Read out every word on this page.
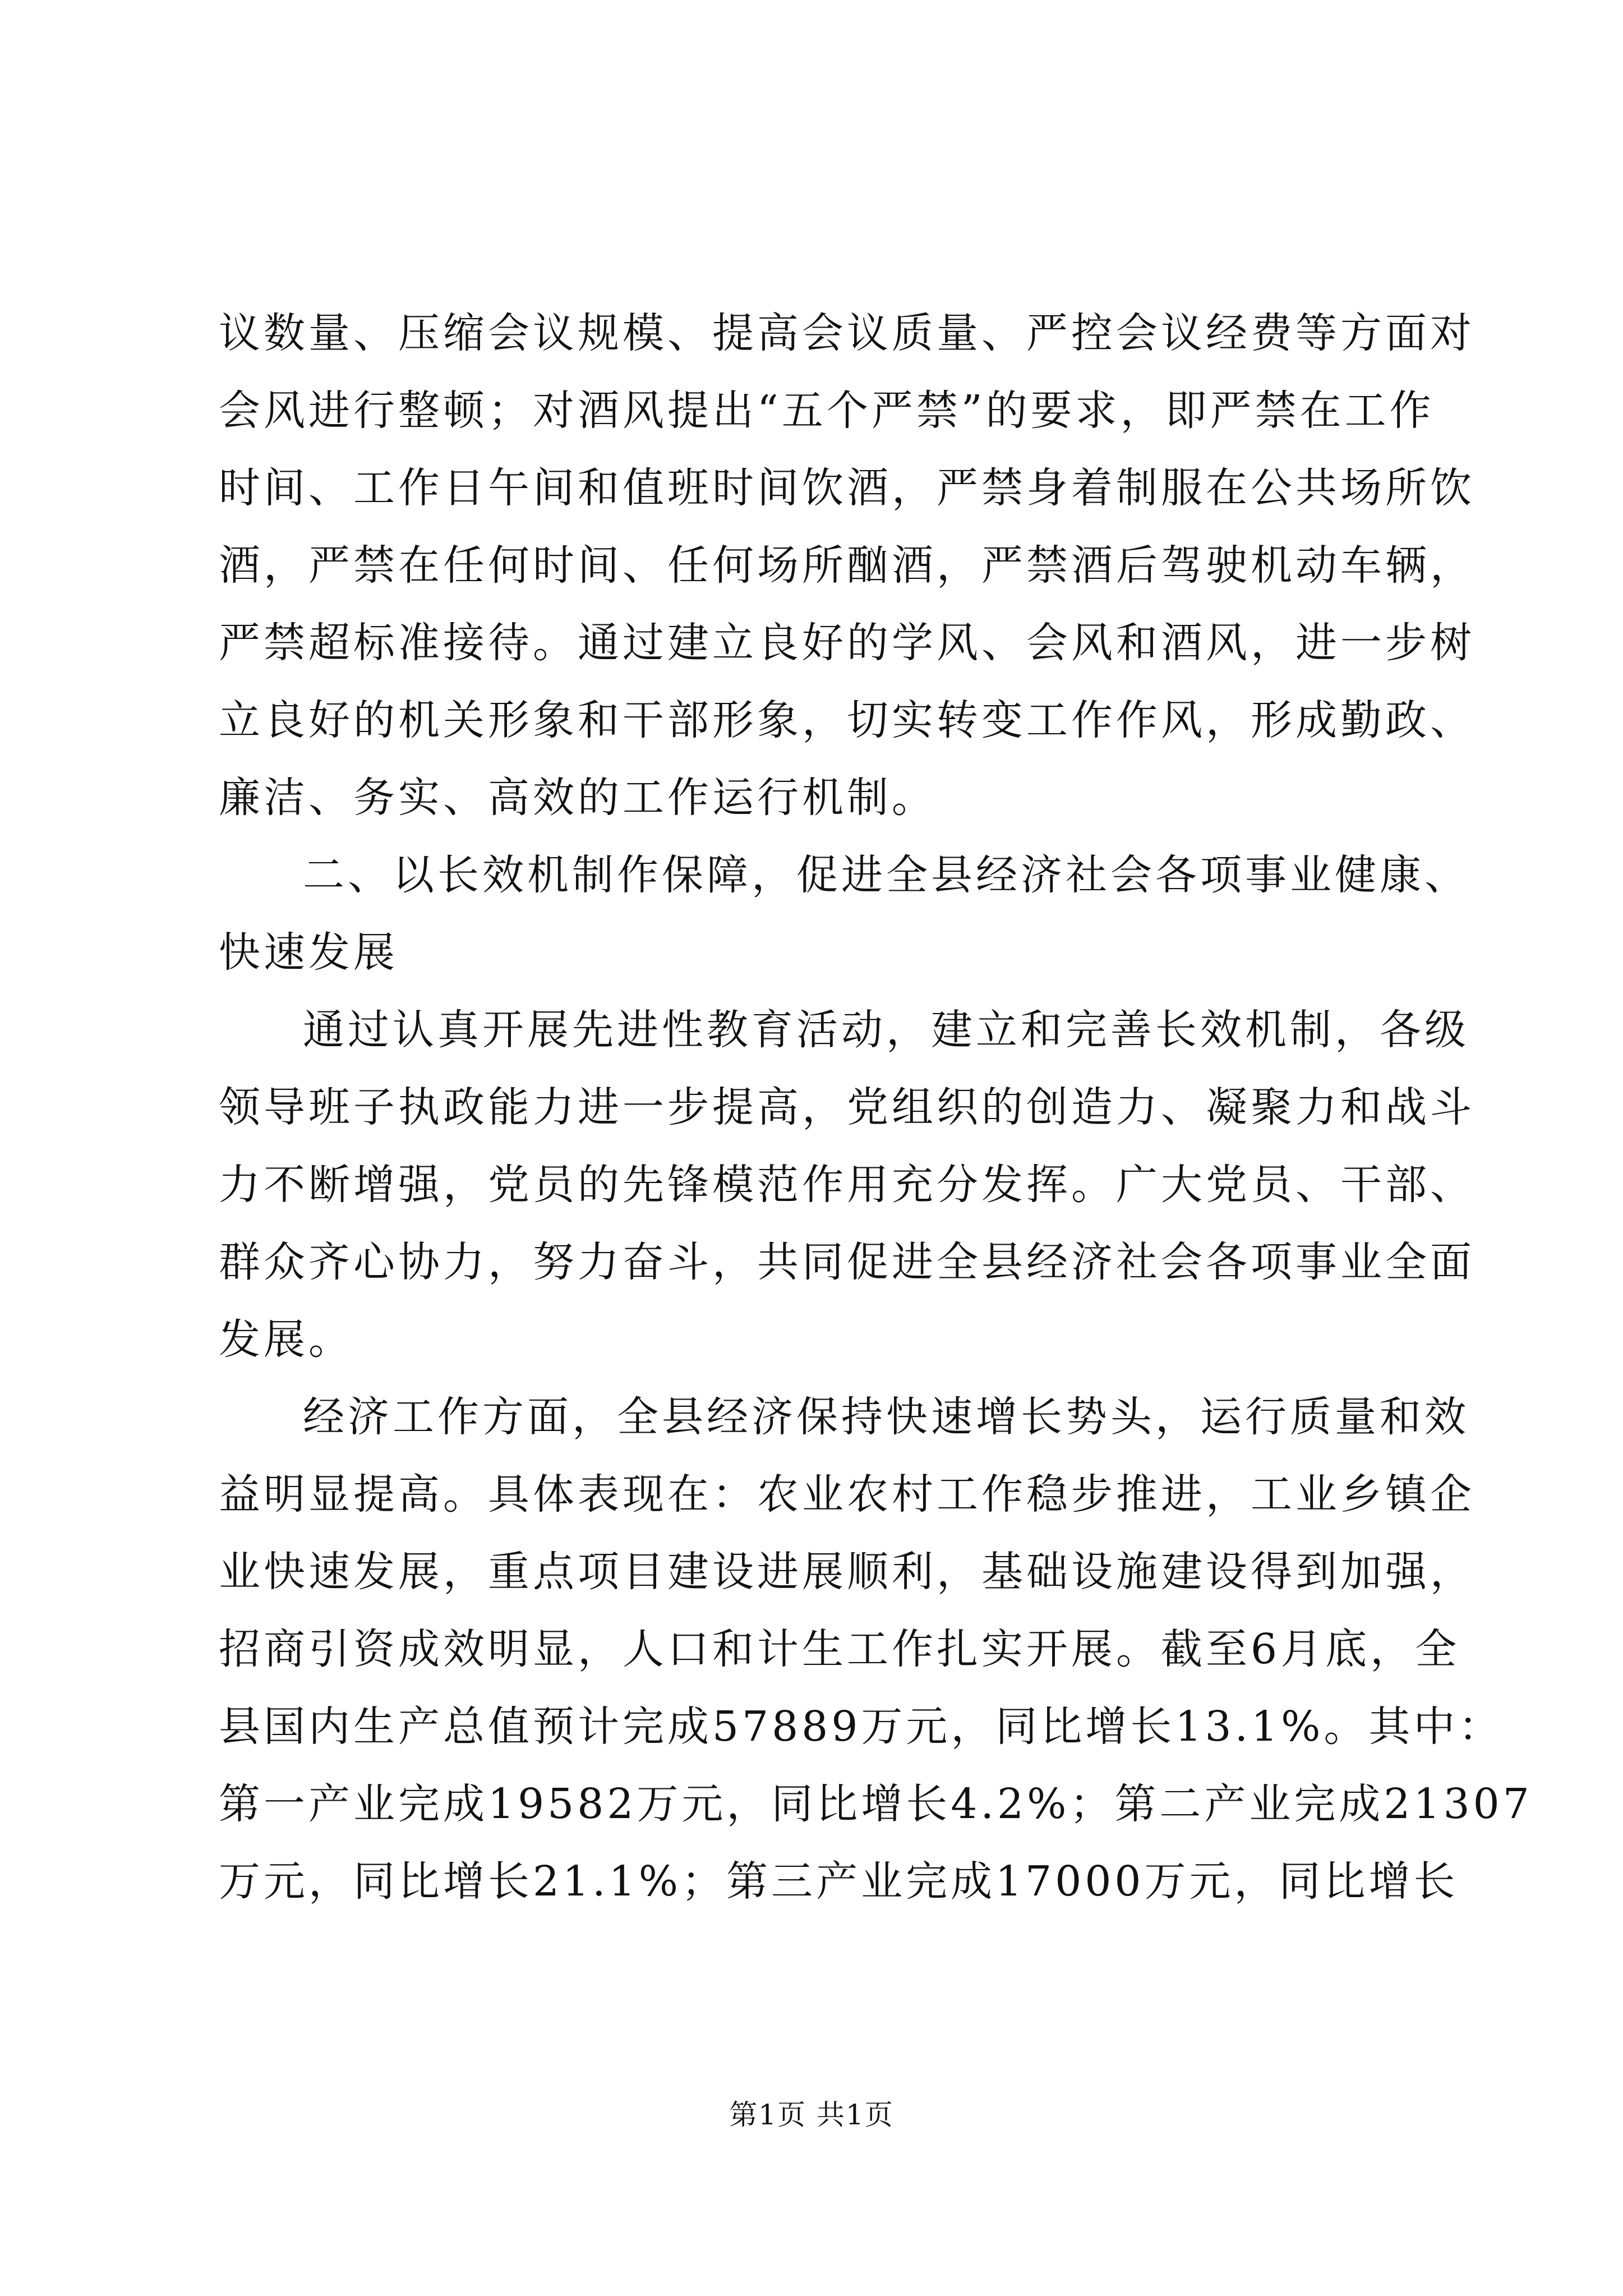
议数量、压缩会议规模、提高会议质量、严控会议经费等方面对
会风进行整顿；对酒风提出“五个严禁”的要求，即严禁在工作
时间、工作日午间和值班时间饮酒，严禁身着制服在公共场所饮
酒，严禁在任何时间、任何场所酗酒，严禁酒后驾驶机动车辆，
严禁超标准接待。通过建立良好的学风、会风和酒风，进一步树
立良好的机关形象和干部形象，切实转变工作作风，形成勤政、
廉洁、务实、高效的工作运行机制。
二、以长效机制作保障，促进全县经济社会各项事业健康、
快速发展
通过认真开展先进性教育活动，建立和完善长效机制，各级
领导班子执政能力进一步提高，党组织的创造力、凝聚力和战斗
力不断增强，党员的先锋模范作用充分发挥。广大党员、干部、
群众齐心协力，努力奋斗，共同促进全县经济社会各项事业全面
发展。
经济工作方面，全县经济保持快速增长势头，运行质量和效
益明显提高。具体表现在：农业农村工作稳步推进，工业乡镇企
业快速发展，重点项目建设进展顺利，基础设施建设得到加强，
招商引资成效明显，人口和计生工作扎实开展。截至6月底，全
县国内生产总值预计完成57889万元，同比增长13.1%。其中：
第一产业完成19582万元，同比增长4.2%；第二产业完成21307
万元，同比增长21.1%；第三产业完成17000万元，同比增长
第1页 共1页
